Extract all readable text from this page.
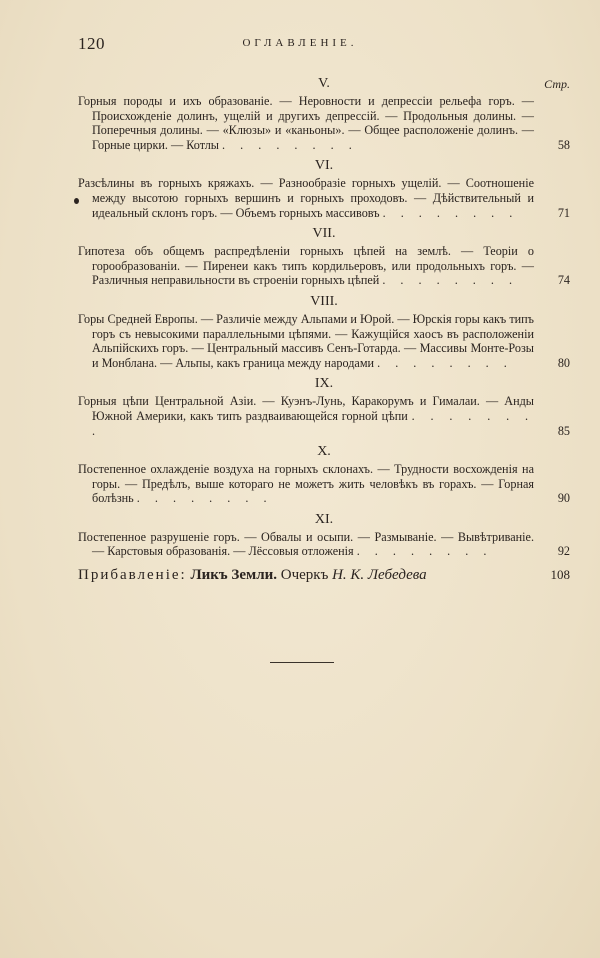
120	ОГЛАВЛЕНІЕ.
V.	Стр.
Горныя породы и ихъ образованіе. — Неровности и депрессіи рельефа горъ. — Происхожденіе долинъ, ущелій и другихъ депрессій. — Продольныя долины. — Поперечныя долины. — «Клюзы» и «каньоны». — Общее расположеніе долинъ. — Горные цирки. — Котлы . . . . . . . .	58
VI.
Разсѣлины въ горныхъ кряжахъ. — Разнообразіе горныхъ ущелій. — Соотношеніе между высотою горныхъ вершинъ и горныхъ проходовъ. — Дѣйствительный и идеальный склонъ горъ. — Объемъ горныхъ массивовъ . . . . . . . .	71
VII.
Гипотеза объ общемъ распредѣленіи горныхъ цѣпей на землѣ. — Теоріи о горообразованіи. — Пиренеи какъ типъ кордильеровъ, или продольныхъ горъ. — Различныя неправильности въ строеніи горныхъ цѣпей . . . . . . . .	74
VIII.
Горы Средней Европы. — Различіе между Альпами и Юрой. — Юрскія горы какъ типъ горъ съ невысокими параллельными цѣпями. — Кажущійся хаосъ въ расположеніи Альпійскихъ горъ. — Центральный массивъ Сенъ-Готарда. — Массивы Монте-Розы и Монблана. — Альпы, какъ граница между народами . . . . . . . .	80
IX.
Горныя цѣпи Центральной Азіи. — Куэнъ-Лунь, Каракорумъ и Гималаи. — Анды Южной Америки, какъ типъ раздваивающейся горной цѣпи . . . . . . . .	85
X.
Постепенное охлажденіе воздуха на горныхъ склонахъ. — Трудности восхожденія на горы. — Предѣлъ, выше котораго не можетъ жить человѣкъ въ горахъ. — Горная болѣзнь . . . . . . . .	90
XI.
Постепенное разрушеніе горъ. — Обвалы и осыпи. — Размываніе. — Вывѣтриваніе. — Карстовыя образованія. — Лёссовыя отложенія . . . . . . . .	92
Прибавленіе: Ликъ Земли. Очеркъ Н. К. Лебедева	108
